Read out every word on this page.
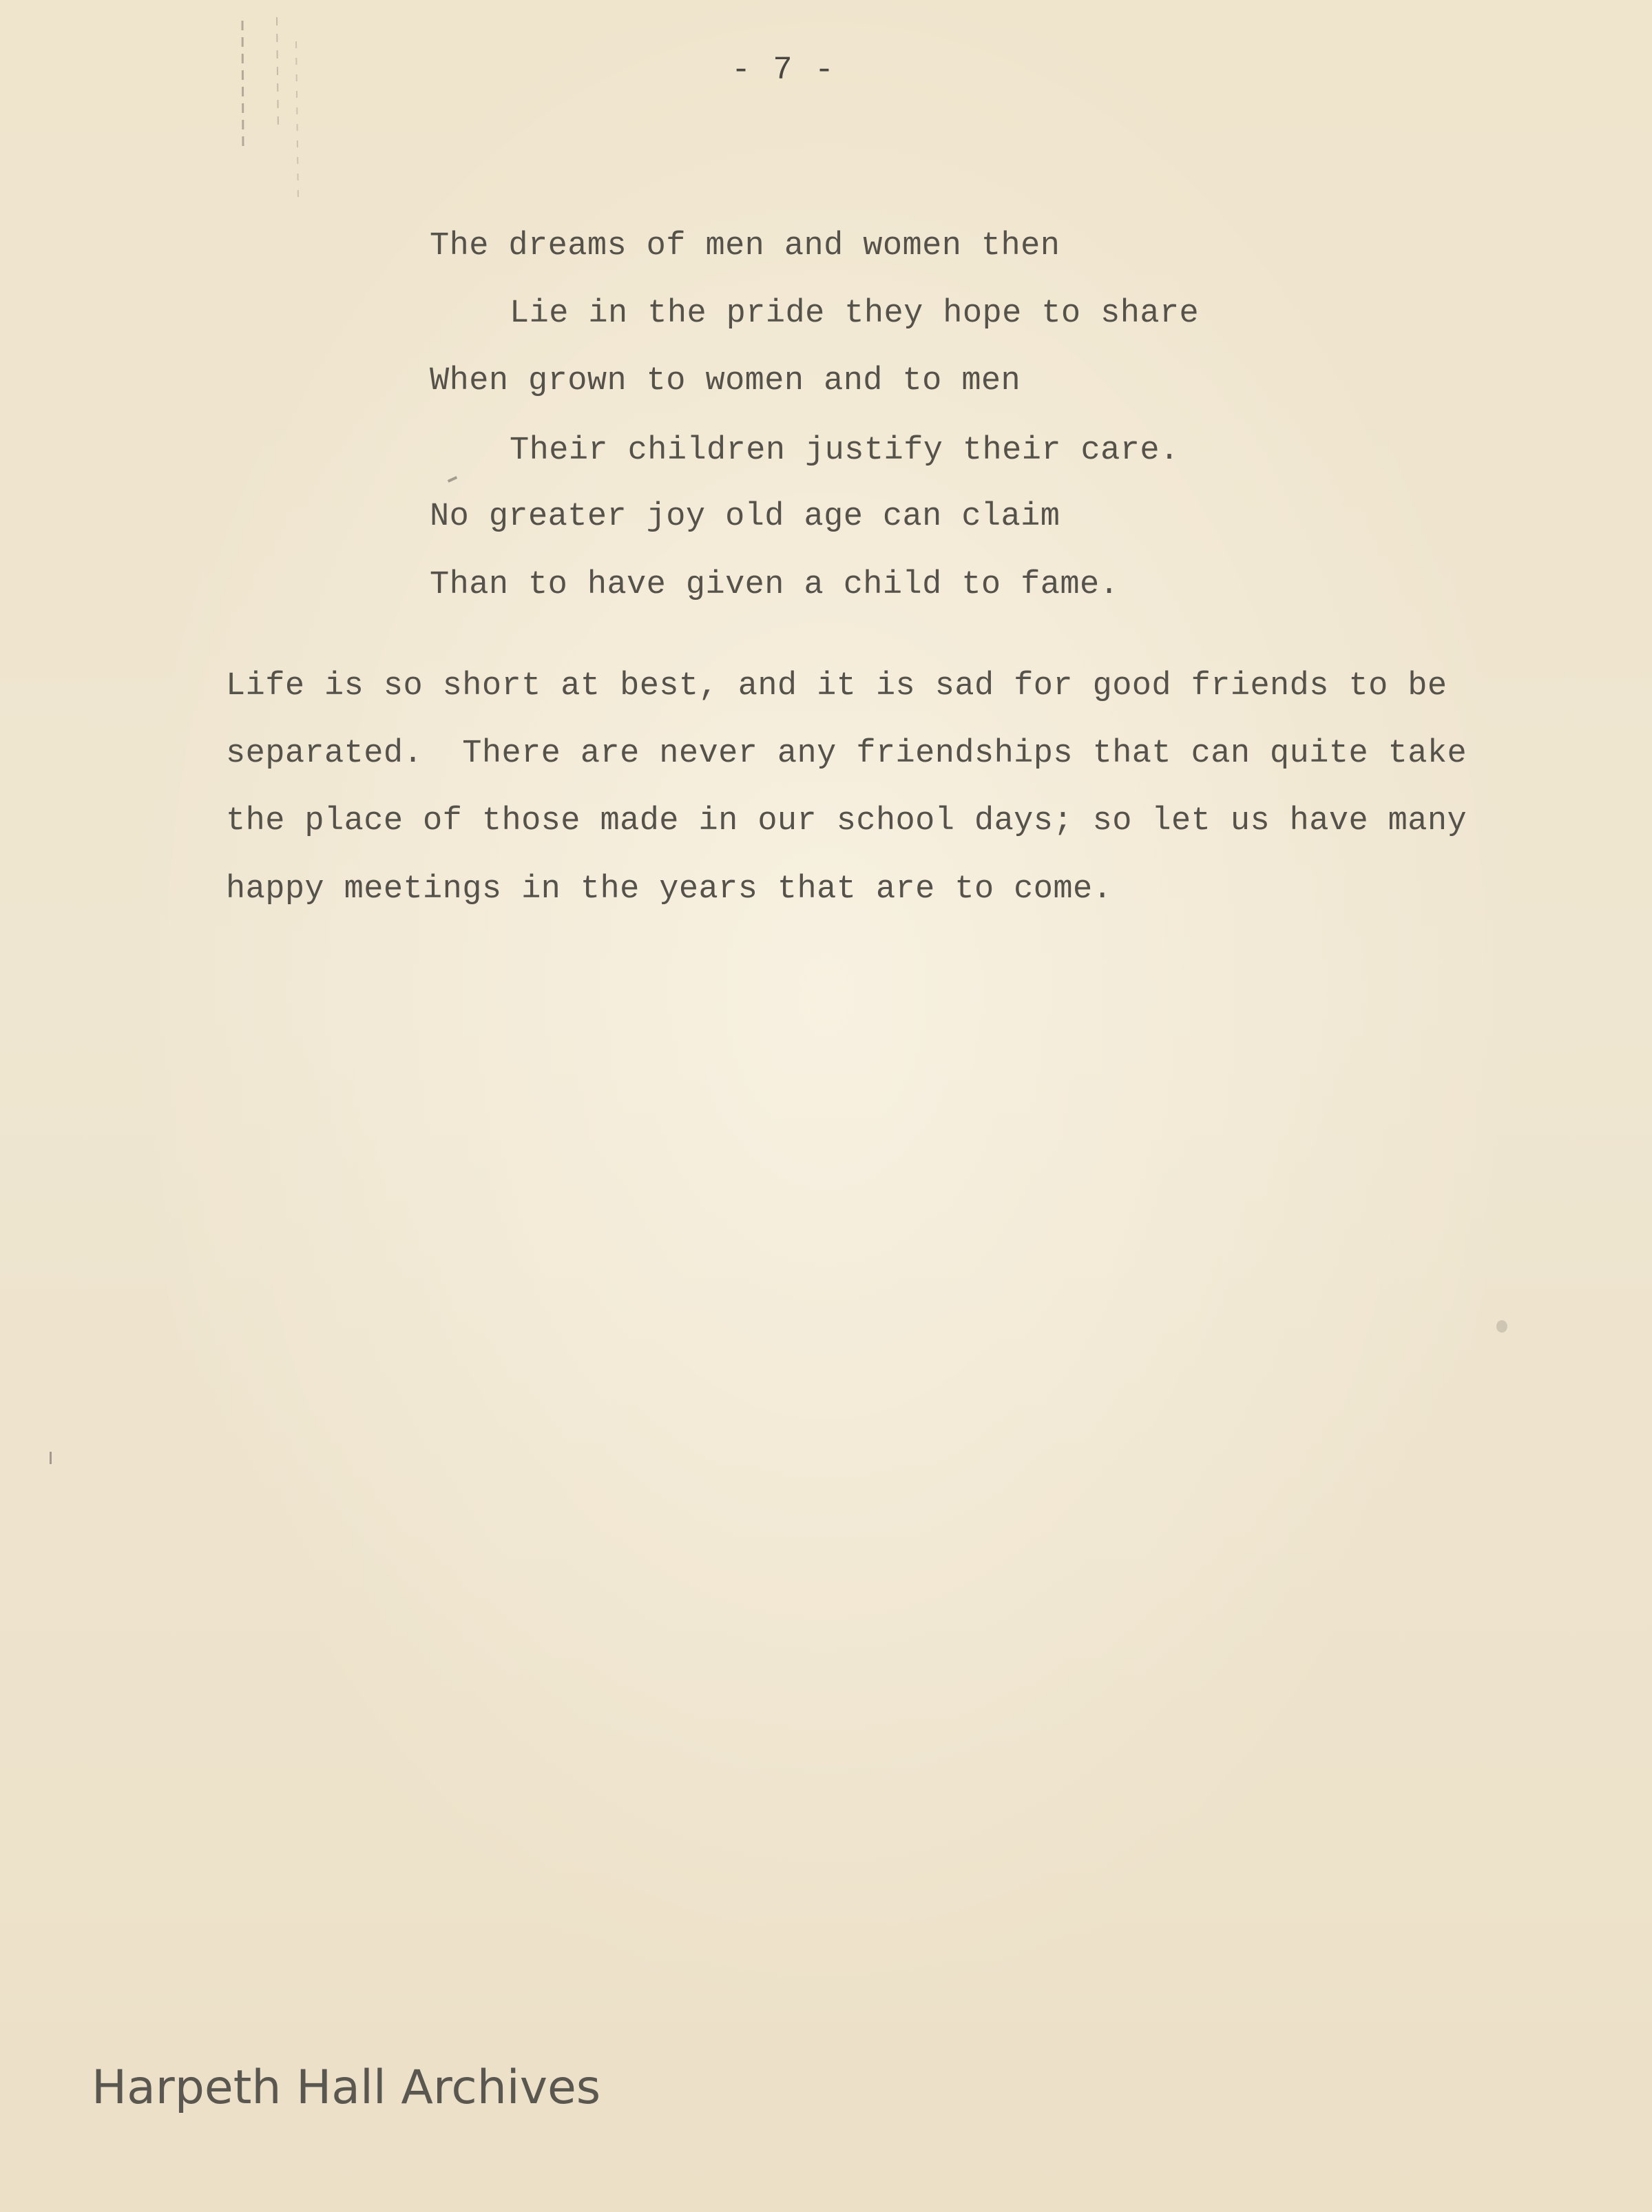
- 7 -
The dreams of men and women then
Lie in the pride they hope to share
When grown to women and to men
Their children justify their care.
No greater joy old age can claim
Than to have given a child to fame.
Life is so short at best, and it is sad for good friends to be
separated.  There are never any friendships that can quite take
the place of those made in our school days; so let us have many
happy meetings in the years that are to come.
Harpeth Hall Archives
